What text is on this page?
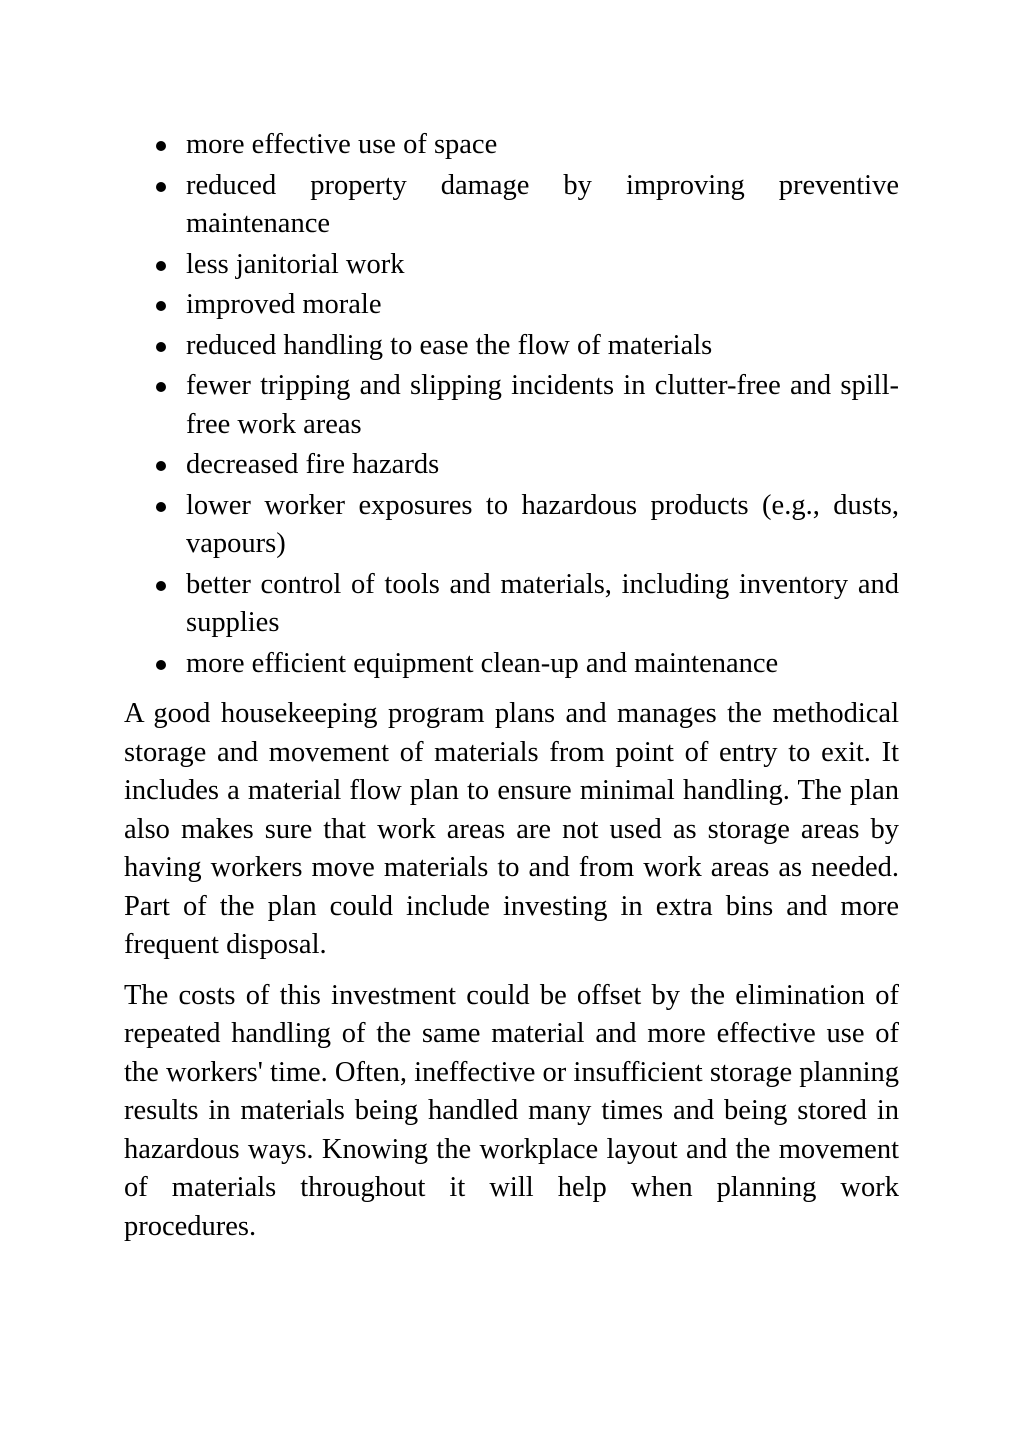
more effective use of space
reduced property damage by improving preventive maintenance
less janitorial work
improved morale
reduced handling to ease the flow of materials
fewer tripping and slipping incidents in clutter-free and spill-free work areas
decreased fire hazards
lower worker exposures to hazardous products (e.g., dusts, vapours)
better control of tools and materials, including inventory and supplies
more efficient equipment clean-up and maintenance

A good housekeeping program plans and manages the methodical storage and movement of materials from point of entry to exit. It includes a material flow plan to ensure minimal handling. The plan also makes sure that work areas are not used as storage areas by having workers move materials to and from work areas as needed. Part of the plan could include investing in extra bins and more frequent disposal.

The costs of this investment could be offset by the elimination of repeated handling of the same material and more effective use of the workers' time. Often, ineffective or insufficient storage planning results in materials being handled many times and being stored in hazardous ways. Knowing the workplace layout and the movement of materials throughout it will help when planning work procedures.
